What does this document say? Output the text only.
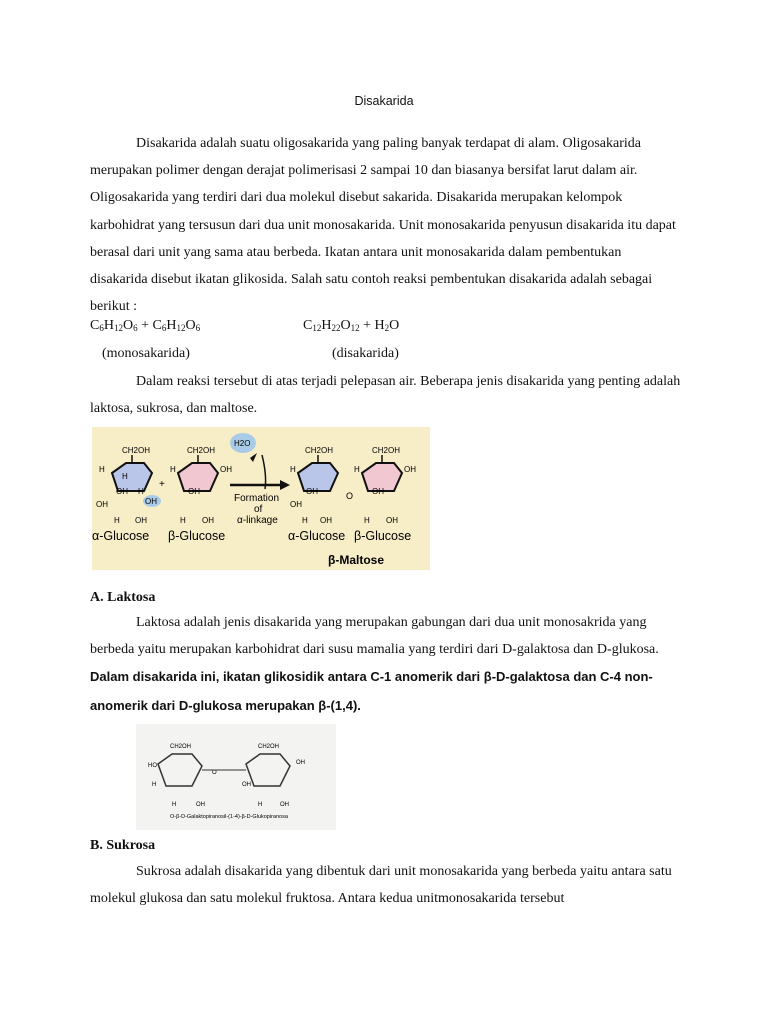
Disakarida

Disakarida adalah suatu oligosakarida yang paling banyak terdapat di alam. Oligosakarida merupakan polimer dengan derajat polimerisasi 2 sampai 10 dan biasanya bersifat larut dalam air. Oligosakarida yang terdiri dari dua molekul disebut sakarida. Disakarida merupakan kelompok karbohidrat yang tersusun dari dua unit monosakarida. Unit monosakarida penyusun disakarida itu dapat berasal dari unit yang sama atau berbeda. Ikatan antara unit monosakarida dalam pembentukan disakarida disebut ikatan glikosida. Salah satu contoh reaksi pembentukan disakarida adalah sebagai berikut :

$C_6H_{12}O_6 + C_6H_{12}O_6$	$C_{12}H_{22}O_{12} + H_2O$
(monosakarida)	(disakarida)

Dalam reaksi tersebut di atas terjadi pelepasan air. Beberapa jenis disakarida yang penting adalah laktosa, sukrosa, dan maltose.

CH2OH
H
H
OH
OH
H OH
H
OH
+
CH2OH
H	OH
OH
H OH
H2O
Formation
of
α-linkage
CH2OH
H
OH
OH
H OH
O
CH2OH
H	OH
OH
H OH
α-Glucose β-Glucose	α-Glucose β-Glucose
β-Maltose
A. Laktosa

Laktosa adalah jenis disakarida yang merupakan gabungan dari dua unit monosakrida yang berbeda yaitu merupakan karbohidrat dari susu mamalia yang terdiri dari D-galaktosa dan D-glukosa. Dalam disakarida ini, ikatan glikosidik antara C-1 anomerik dari β-D-galaktosa dan C-4 non-anomerik dari D-glukosa merupakan β-(1,4).

CH2OH	CH2OH
HO
H
O
OH
OH
H	OH	H	OH
O-β-D-Galaktopiranosil-(1-4)-β-D-Glukopiranosa
B. Sukrosa

Sukrosa adalah disakarida yang dibentuk dari unit monosakarida yang berbeda yaitu antara satu molekul glukosa dan satu molekul fruktosa. Antara kedua unitmonosakarida tersebut
